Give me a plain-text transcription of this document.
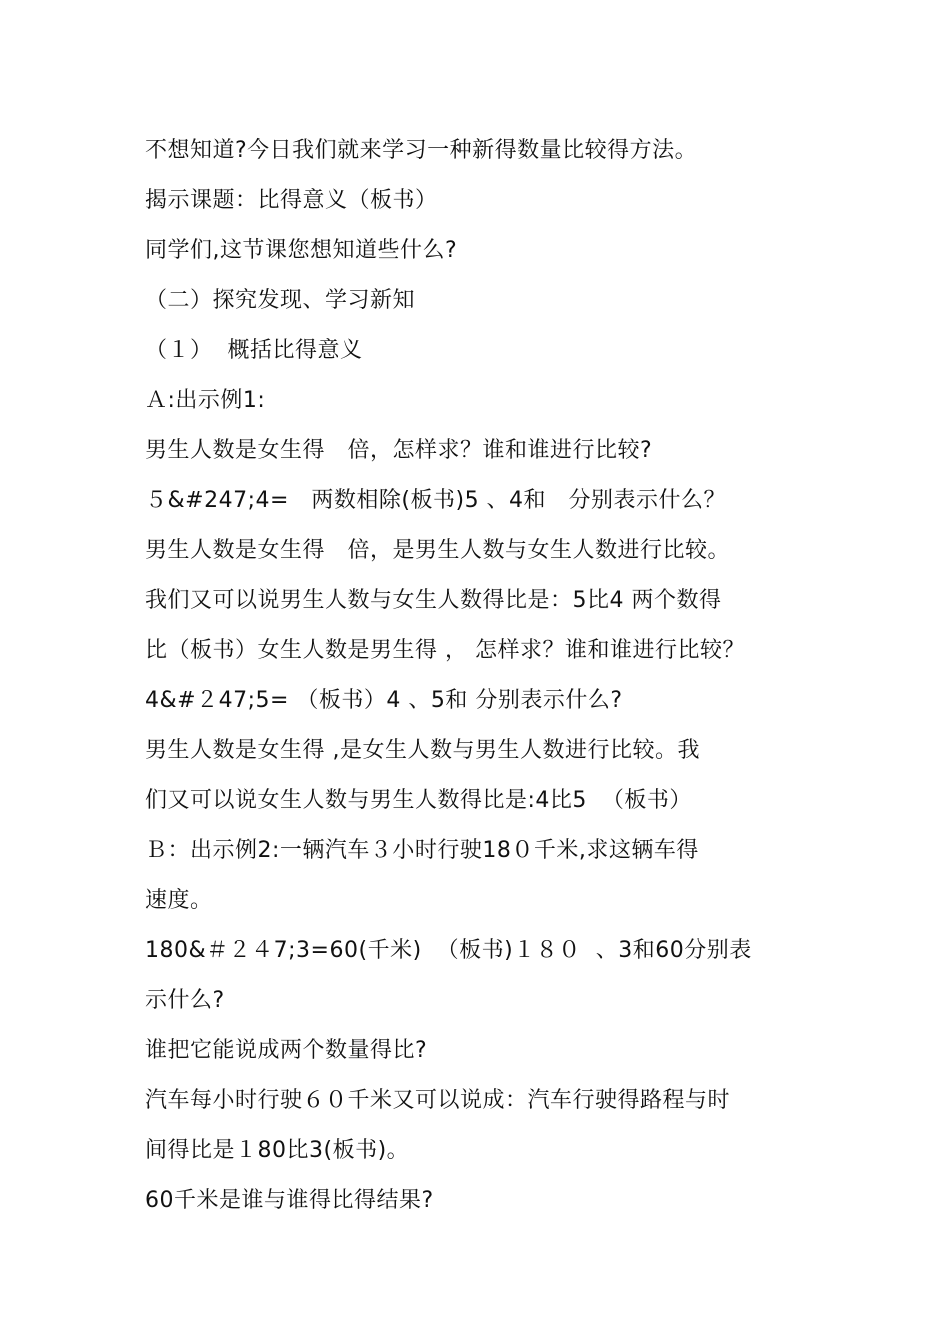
不想知道?今日我们就来学习一种新得数量比较得方法。
揭示课题：比得意义（板书）
同学们,这节课您想知道些什么?
（二）探究发现、学习新知
（１）  概括比得意义
Ａ:出示例1:
男生人数是女生得   倍，怎样求？谁和谁进行比较?
５&#247;4=   两数相除(板书)5 、4和   分别表示什么？
男生人数是女生得   倍，是男生人数与女生人数进行比较。
我们又可以说男生人数与女生人数得比是：5比4 两个数得
比（板书）女生人数是男生得 ， 怎样求？谁和谁进行比较？
4&#２47;5= （板书）4 、5和 分别表示什么?
男生人数是女生得 ,是女生人数与男生人数进行比较。我
们又可以说女生人数与男生人数得比是:4比5  （板书）
Ｂ：出示例2:一辆汽车３小时行驶18０千米,求这辆车得
速度。
180&＃２４7;3=60(千米)  （板书)１８０  、3和60分别表
示什么?
谁把它能说成两个数量得比?
汽车每小时行驶６０千米又可以说成：汽车行驶得路程与时
间得比是１80比3(板书)。
60千米是谁与谁得比得结果?
